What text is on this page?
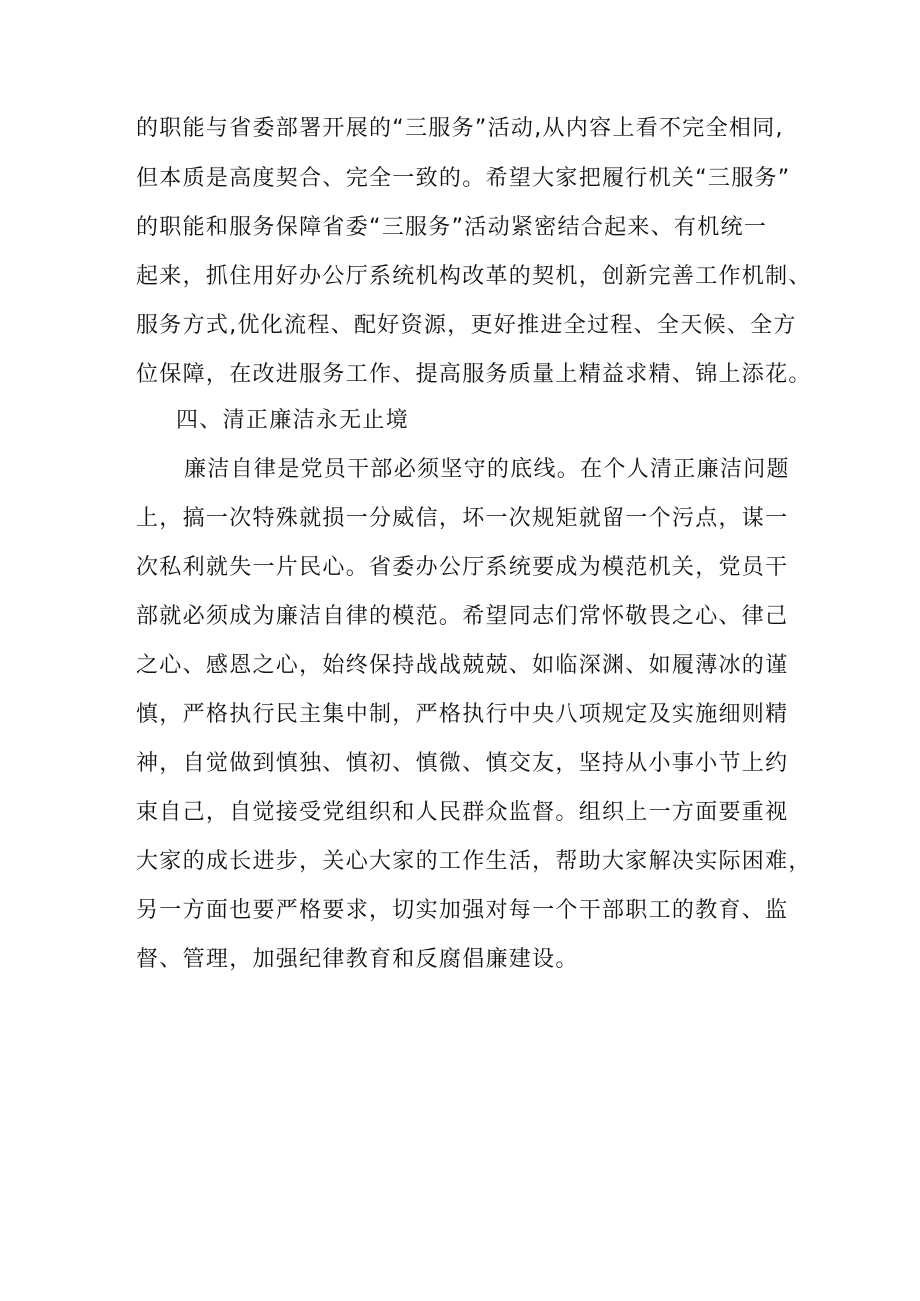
的职能与省委部署开展的“三服务”活动,从内容上看不完全相同,
但本质是高度契合、完全一致的。希望大家把履行机关“三服务”
的职能和服务保障省委“三服务”活动紧密结合起来、有机统一
起来，抓住用好办公厅系统机构改革的契机，创新完善工作机制、
服务方式,优化流程、配好资源，更好推进全过程、全天候、全方
位保障，在改进服务工作、提高服务质量上精益求精、锦上添花。
四、清正廉洁永无止境
廉洁自律是党员干部必须坚守的底线。在个人清正廉洁问题
上，搞一次特殊就损一分威信，坏一次规矩就留一个污点，谋一
次私利就失一片民心。省委办公厅系统要成为模范机关，党员干
部就必须成为廉洁自律的模范。希望同志们常怀敬畏之心、律己
之心、感恩之心，始终保持战战兢兢、如临深渊、如履薄冰的谨
慎，严格执行民主集中制，严格执行中央八项规定及实施细则精
神，自觉做到慎独、慎初、慎微、慎交友，坚持从小事小节上约
束自己，自觉接受党组织和人民群众监督。组织上一方面要重视
大家的成长进步，关心大家的工作生活，帮助大家解决实际困难，
另一方面也要严格要求，切实加强对每一个干部职工的教育、监
督、管理，加强纪律教育和反腐倡廉建设。
